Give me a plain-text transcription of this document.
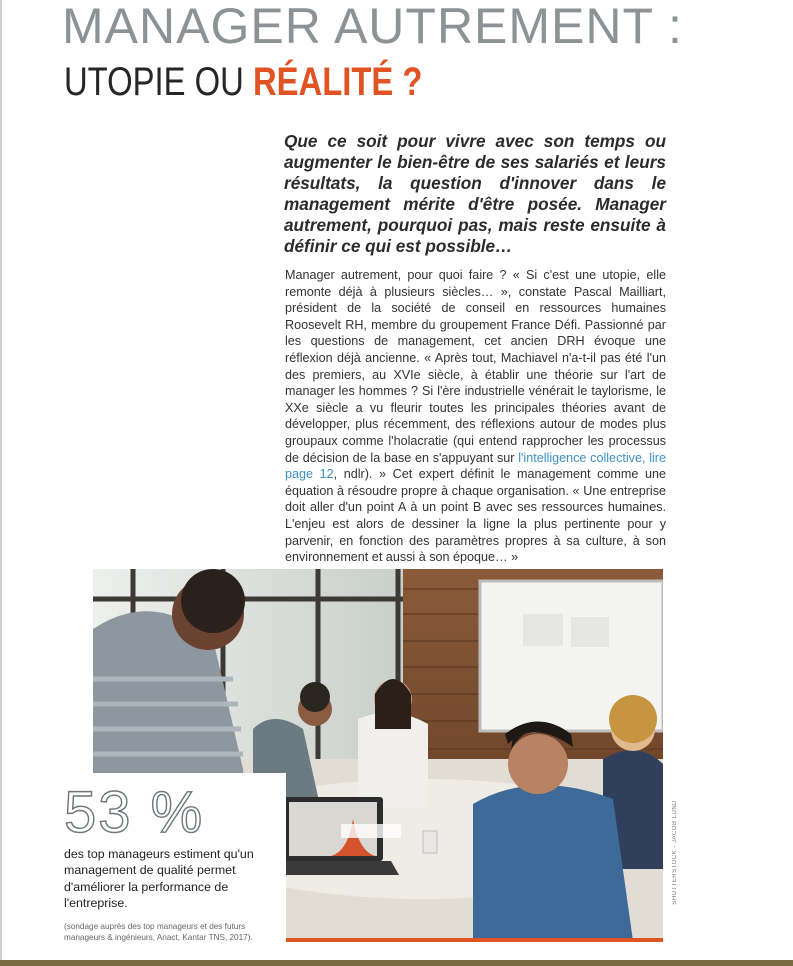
MANAGER AUTREMENT :
UTOPIE OU RÉALITÉ ?
Que ce soit pour vivre avec son temps ou augmenter le bien-être de ses salariés et leurs résultats, la question d'innover dans le management mérite d'être posée. Manager autrement, pourquoi pas, mais reste ensuite à définir ce qui est possible…
Manager autrement, pour quoi faire ? « Si c'est une utopie, elle remonte déjà à plusieurs siècles… », constate Pascal Mailliart, président de la société de conseil en ressources humaines Roosevelt RH, membre du groupement France Défi. Passionné par les questions de management, cet ancien DRH évoque une réflexion déjà ancienne. « Après tout, Machiavel n'a-t-il pas été l'un des premiers, au XVIe siècle, à établir une théorie sur l'art de manager les hommes ? Si l'ère industrielle vénérait le taylorisme, le XXe siècle a vu fleurir toutes les principales théories avant de développer, plus récemment, des réflexions autour de modes plus groupaux comme l'holacratie (qui entend rapprocher les processus de décision de la base en s'appuyant sur l'intelligence collective, lire page 12, ndlr). » Cet expert définit le management comme une équation à résoudre propre à chaque organisation. « Une entreprise doit aller d'un point A à un point B avec ses ressources humaines. L'enjeu est alors de dessiner la ligne la plus pertinente pour y parvenir, en fonction des paramètres propres à sa culture, à son environnement et aussi à son époque… »
SHUTTERSTOCK - JACOB LUND
53 %
des top manageurs estiment qu'un management de qualité permet d'améliorer la performance de l'entreprise.
(sondage auprès des top manageurs et des futurs manageurs & ingénieurs, Anact, Kantar TNS, 2017).
